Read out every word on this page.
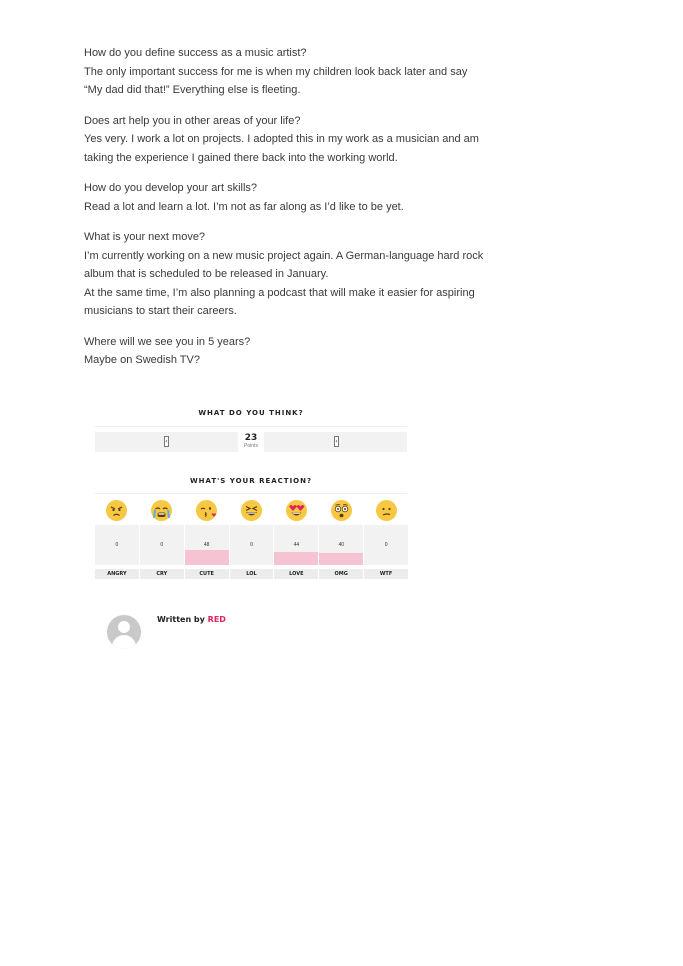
How do you define success as a music artist?

The only important success for me is when my children look back later and say

“My dad did that!” Everything else is fleeting.

Does art help you in other areas of your life?

Yes very. I work a lot on projects. I adopted this in my work as a musician and am

taking the experience I gained there back into the working world.

How do you develop your art skills?

Read a lot and learn a lot. I’m not as far along as I’d like to be yet.

What is your next move?

I’m currently working on a new music project again. A German-language hard rock

album that is scheduled to be released in January.

At the same time, I’m also planning a podcast that will make it easier for aspiring

musicians to start their careers.

Where will we see you in 5 years?

Maybe on Swedish TV?

WHAT DO YOU THINK?
‹	23
Points
‹
WHAT'S YOUR REACTION?
0
ANGRY
0
CRY
48
CUTE
0
LOL
44
LOVE
40
OMG
0
WTF
Written by RED
